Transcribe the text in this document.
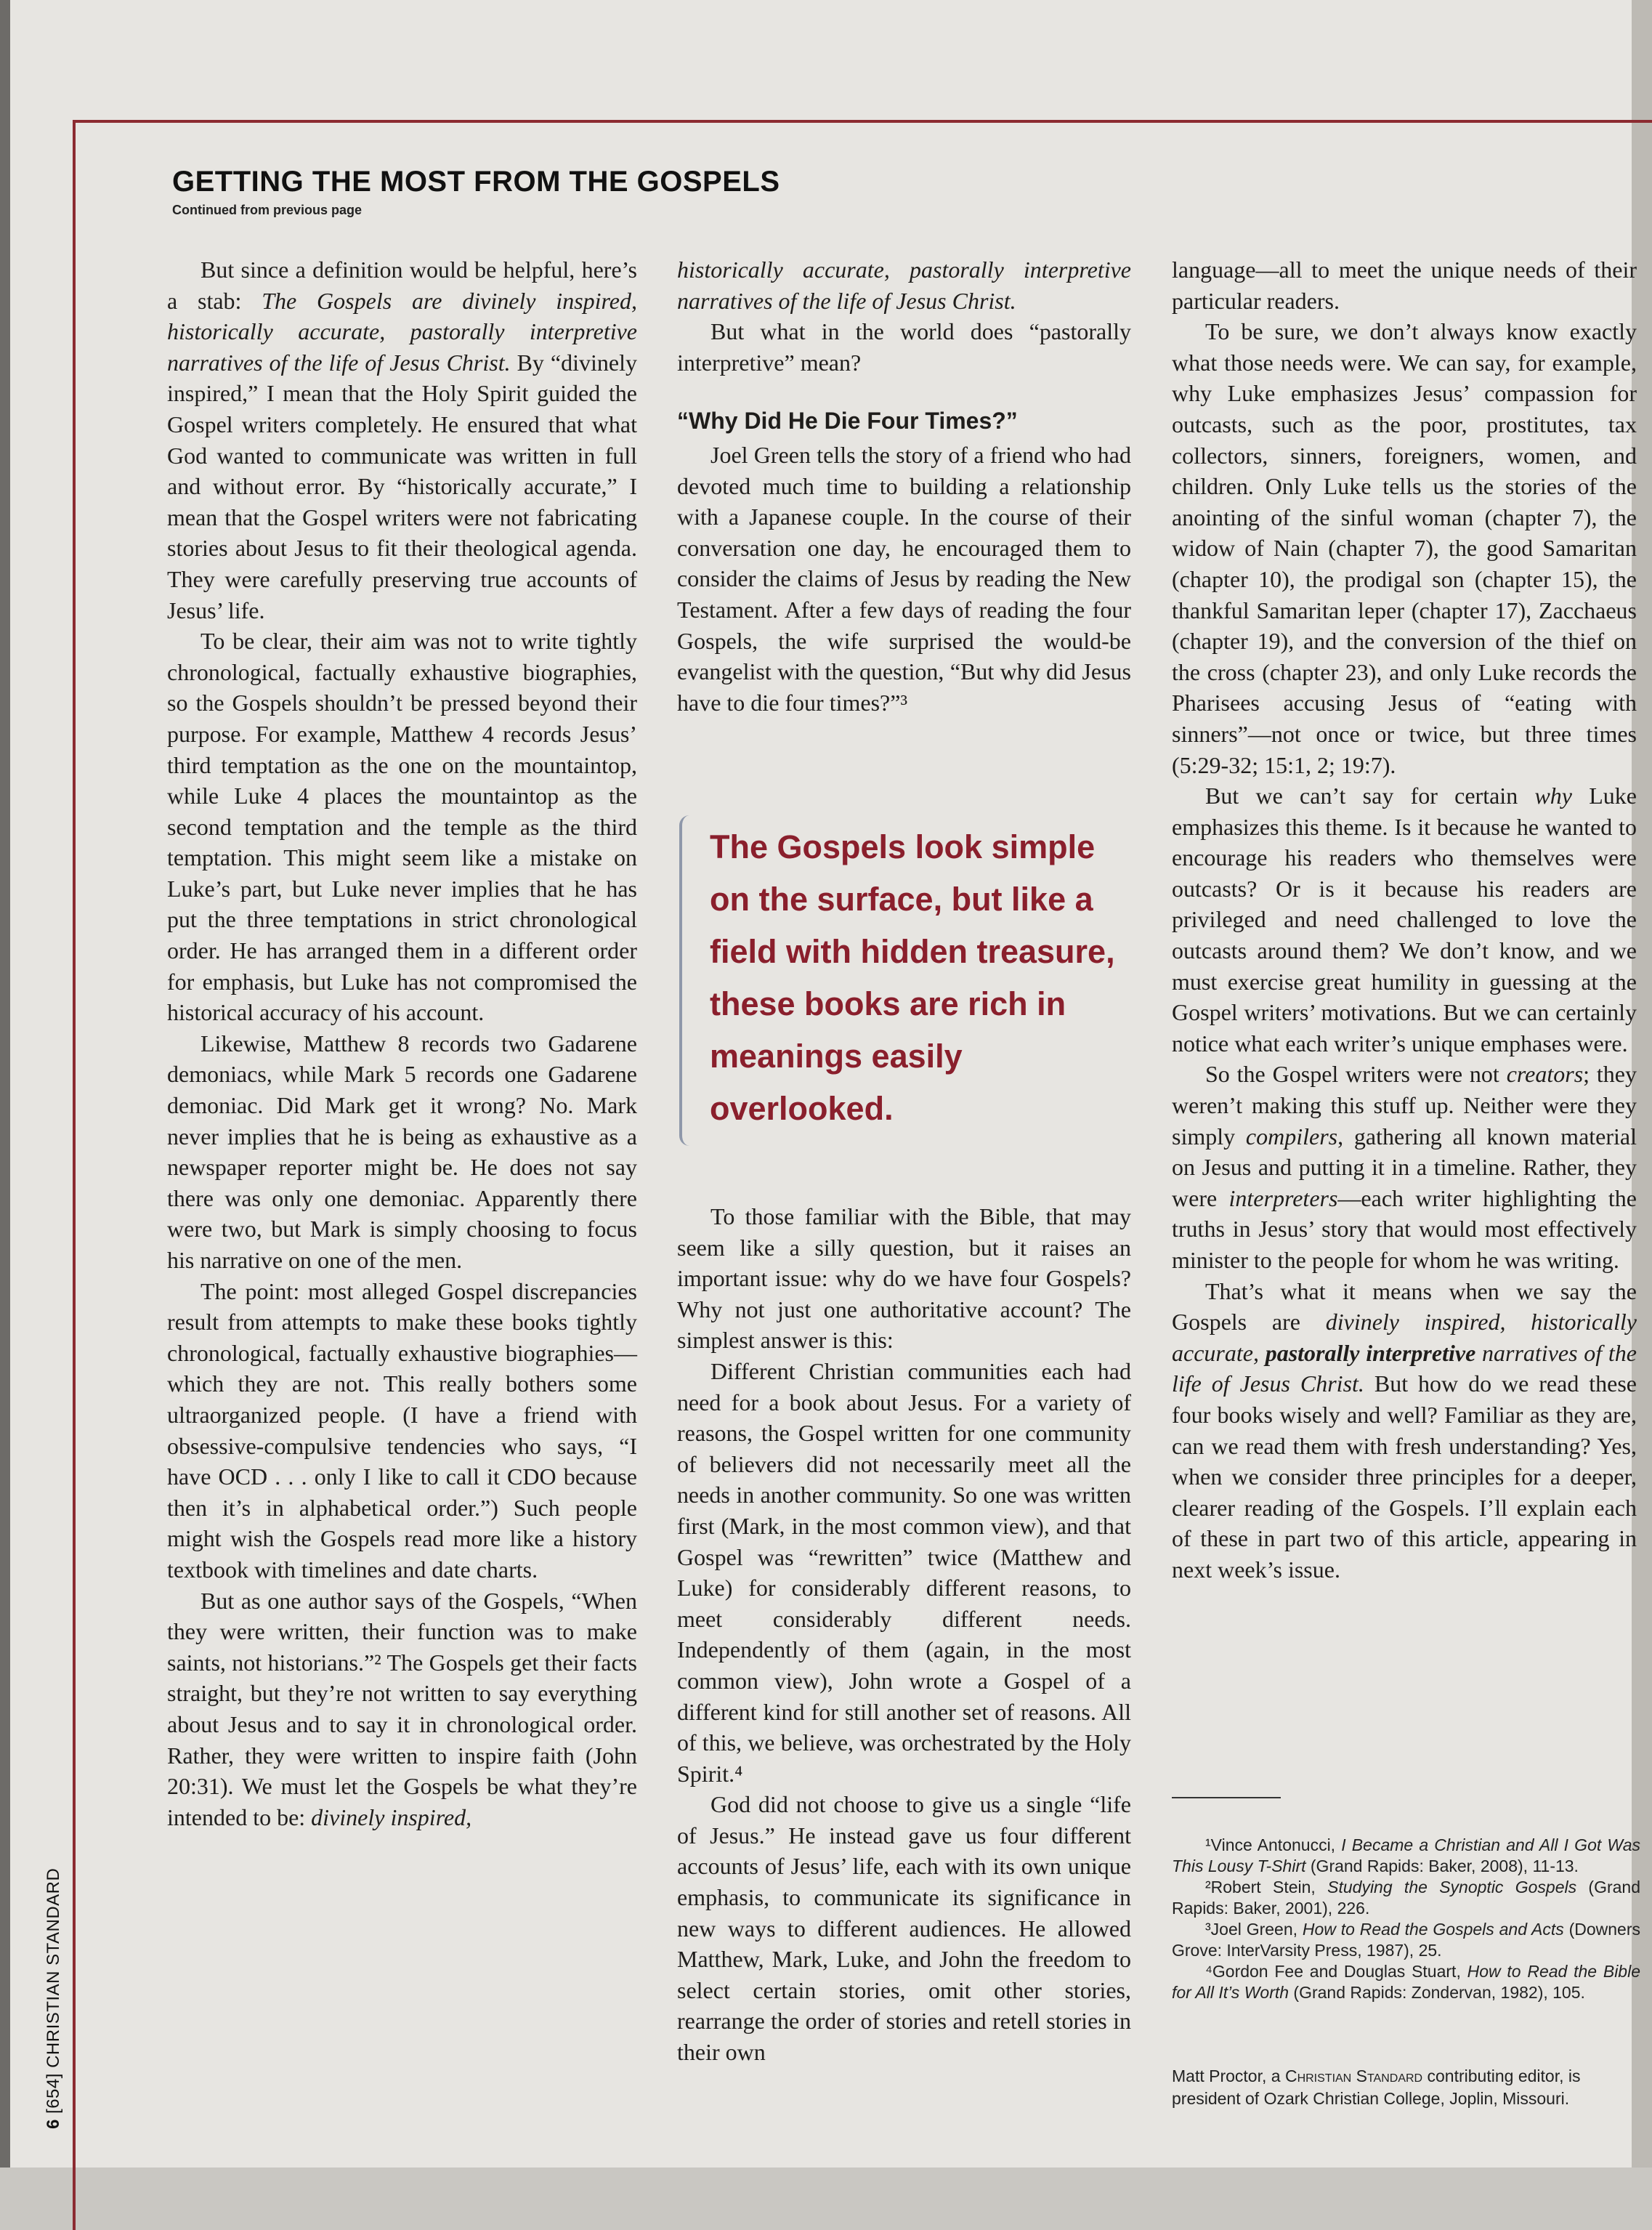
GETTING THE MOST FROM THE GOSPELS
Continued from previous page

But since a definition would be helpful, here’s a stab: The Gospels are divinely inspired, historically accurate, pastorally interpretive narratives of the life of Jesus Christ. By “divinely inspired,” I mean that the Holy Spirit guided the Gospel writers completely. He ensured that what God wanted to communicate was written in full and without error. By “historically accurate,” I mean that the Gospel writers were not fabricating stories about Jesus to fit their theological agenda. They were carefully preserving true accounts of Jesus’ life.

To be clear, their aim was not to write tightly chronological, factually exhaustive biographies, so the Gospels shouldn’t be pressed beyond their purpose. For example, Matthew 4 records Jesus’ third temptation as the one on the mountaintop, while Luke 4 places the mountaintop as the second temptation and the temple as the third temptation. This might seem like a mistake on Luke’s part, but Luke never implies that he has put the three temptations in strict chronological order. He has arranged them in a different order for emphasis, but Luke has not compromised the historical accuracy of his account.

Likewise, Matthew 8 records two Gadarene demoniacs, while Mark 5 records one Gadarene demoniac. Did Mark get it wrong? No. Mark never implies that he is being as exhaustive as a newspaper reporter might be. He does not say there was only one demoniac. Apparently there were two, but Mark is simply choosing to focus his narrative on one of the men.

The point: most alleged Gospel discrepancies result from attempts to make these books tightly chronological, factually exhaustive biographies—which they are not. This really bothers some ultraorganized people. (I have a friend with obsessive-compulsive tendencies who says, “I have OCD . . . only I like to call it CDO because then it’s in alphabetical order.”) Such people might wish the Gospels read more like a history textbook with timelines and date charts.

But as one author says of the Gospels, “When they were written, their function was to make saints, not historians.”² The Gospels get their facts straight, but they’re not written to say everything about Jesus and to say it in chronological order. Rather, they were written to inspire faith (John 20:31). We must let the Gospels be what they’re intended to be: divinely inspired,

historically accurate, pastorally interpretive narratives of the life of Jesus Christ.

But what in the world does “pastorally interpretive” mean?

“Why Did He Die Four Times?”

Joel Green tells the story of a friend who had devoted much time to building a relationship with a Japanese couple. In the course of their conversation one day, he encouraged them to consider the claims of Jesus by reading the New Testament. After a few days of reading the four Gospels, the wife surprised the would-be evangelist with the question, “But why did Jesus have to die four times?”³

The Gospels look simple on the surface, but like a field with hidden treasure, these books are rich in meanings easily overlooked.

To those familiar with the Bible, that may seem like a silly question, but it raises an important issue: why do we have four Gospels? Why not just one authoritative account? The simplest answer is this:

Different Christian communities each had need for a book about Jesus. For a variety of reasons, the Gospel written for one community of believers did not necessarily meet all the needs in another community. So one was written first (Mark, in the most common view), and that Gospel was “rewritten” twice (Matthew and Luke) for considerably different reasons, to meet considerably different needs. Independently of them (again, in the most common view), John wrote a Gospel of a different kind for still another set of reasons. All of this, we believe, was orchestrated by the Holy Spirit.⁴

God did not choose to give us a single “life of Jesus.” He instead gave us four different accounts of Jesus’ life, each with its own unique emphasis, to communicate its significance in new ways to different audiences. He allowed Matthew, Mark, Luke, and John the freedom to select certain stories, omit other stories, rearrange the order of stories and retell stories in their own

language—all to meet the unique needs of their particular readers.

To be sure, we don’t always know exactly what those needs were. We can say, for example, why Luke emphasizes Jesus’ compassion for outcasts, such as the poor, prostitutes, tax collectors, sinners, foreigners, women, and children. Only Luke tells us the stories of the anointing of the sinful woman (chapter 7), the widow of Nain (chapter 7), the good Samaritan (chapter 10), the prodigal son (chapter 15), the thankful Samaritan leper (chapter 17), Zacchaeus (chapter 19), and the conversion of the thief on the cross (chapter 23), and only Luke records the Pharisees accusing Jesus of “eating with sinners”—not once or twice, but three times (5:29-32; 15:1, 2; 19:7).

But we can’t say for certain why Luke emphasizes this theme. Is it because he wanted to encourage his readers who themselves were outcasts? Or is it because his readers are privileged and need challenged to love the outcasts around them? We don’t know, and we must exercise great humility in guessing at the Gospel writers’ motivations. But we can certainly notice what each writer’s unique emphases were.

So the Gospel writers were not creators; they weren’t making this stuff up. Neither were they simply compilers, gathering all known material on Jesus and putting it in a timeline. Rather, they were interpreters—each writer highlighting the truths in Jesus’ story that would most effectively minister to the people for whom he was writing.

That’s what it means when we say the Gospels are divinely inspired, historically accurate, pastorally interpretive narratives of the life of Jesus Christ. But how do we read these four books wisely and well? Familiar as they are, can we read them with fresh understanding? Yes, when we consider three principles for a deeper, clearer reading of the Gospels. I’ll explain each of these in part two of this article, appearing in next week’s issue.

¹Vince Antonucci, I Became a Christian and All I Got Was This Lousy T-Shirt (Grand Rapids: Baker, 2008), 11-13.

²Robert Stein, Studying the Synoptic Gospels (Grand Rapids: Baker, 2001), 226.

³Joel Green, How to Read the Gospels and Acts (Downers Grove: InterVarsity Press, 1987), 25.

⁴Gordon Fee and Douglas Stuart, How to Read the Bible for All It’s Worth (Grand Rapids: Zondervan, 1982), 105.

Matt Proctor, a Christian Standard contributing editor, is president of Ozark Christian College, Joplin, Missouri.
6 [654] CHRISTIAN STANDARD
